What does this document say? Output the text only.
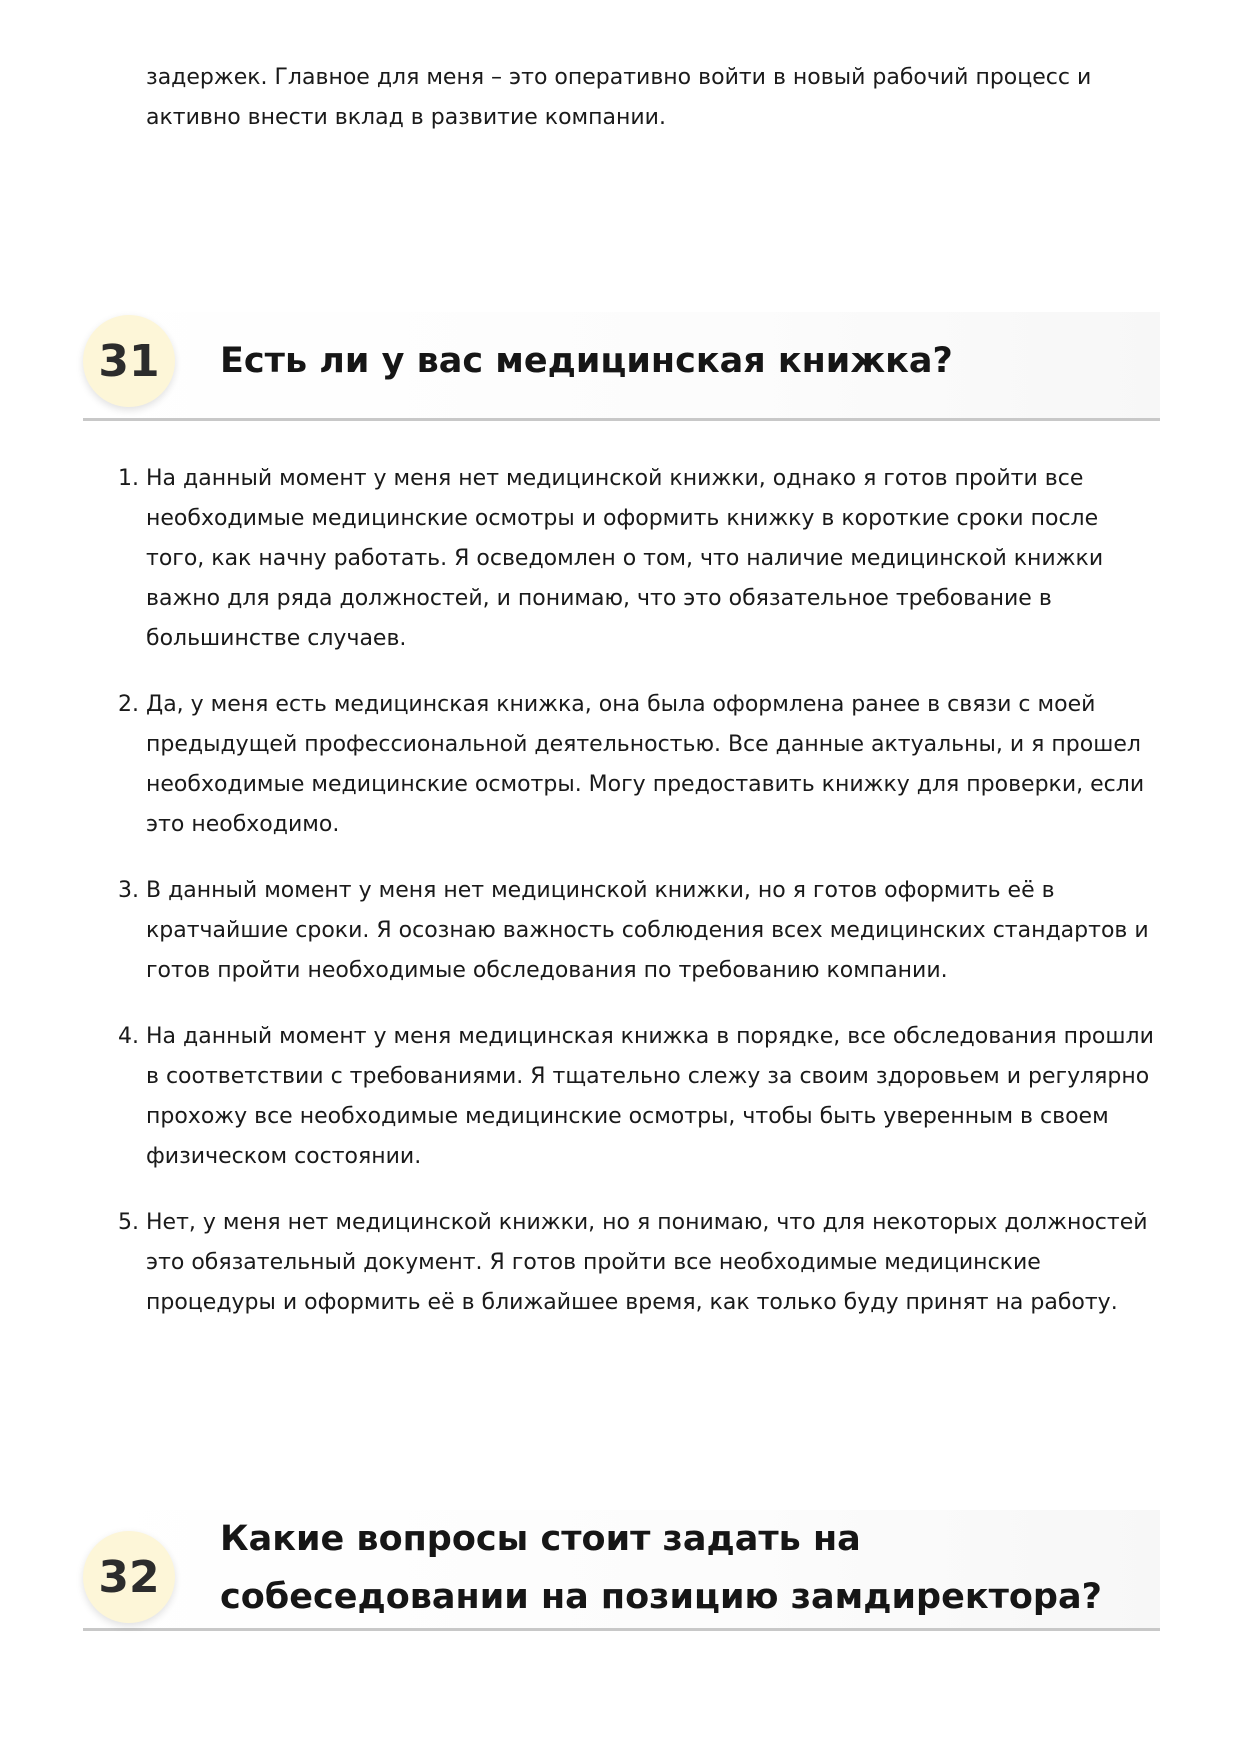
задержек. Главное для меня – это оперативно войти в новый рабочий процесс и активно внести вклад в развитие компании.

31	Есть ли у вас медицинская книжка?
1. На данный момент у меня нет медицинской книжки, однако я готов пройти все необходимые медицинские осмотры и оформить книжку в короткие сроки после того, как начну работать. Я осведомлен о том, что наличие медицинской книжки важно для ряда должностей, и понимаю, что это обязательное требование в большинстве случаев.
2. Да, у меня есть медицинская книжка, она была оформлена ранее в связи с моей предыдущей профессиональной деятельностью. Все данные актуальны, и я прошел необходимые медицинские осмотры. Могу предоставить книжку для проверки, если это необходимо.
3. В данный момент у меня нет медицинской книжки, но я готов оформить её в кратчайшие сроки. Я осознаю важность соблюдения всех медицинских стандартов и готов пройти необходимые обследования по требованию компании.
4. На данный момент у меня медицинская книжка в порядке, все обследования прошли в соответствии с требованиями. Я тщательно слежу за своим здоровьем и регулярно прохожу все необходимые медицинские осмотры, чтобы быть уверенным в своем физическом состоянии.
5. Нет, у меня нет медицинской книжки, но я понимаю, что для некоторых должностей это обязательный документ. Я готов пройти все необходимые медицинские процедуры и оформить её в ближайшее время, как только буду принят на работу.
32
Какие вопросы стоит задать на собеседовании на позицию замдиректора?
